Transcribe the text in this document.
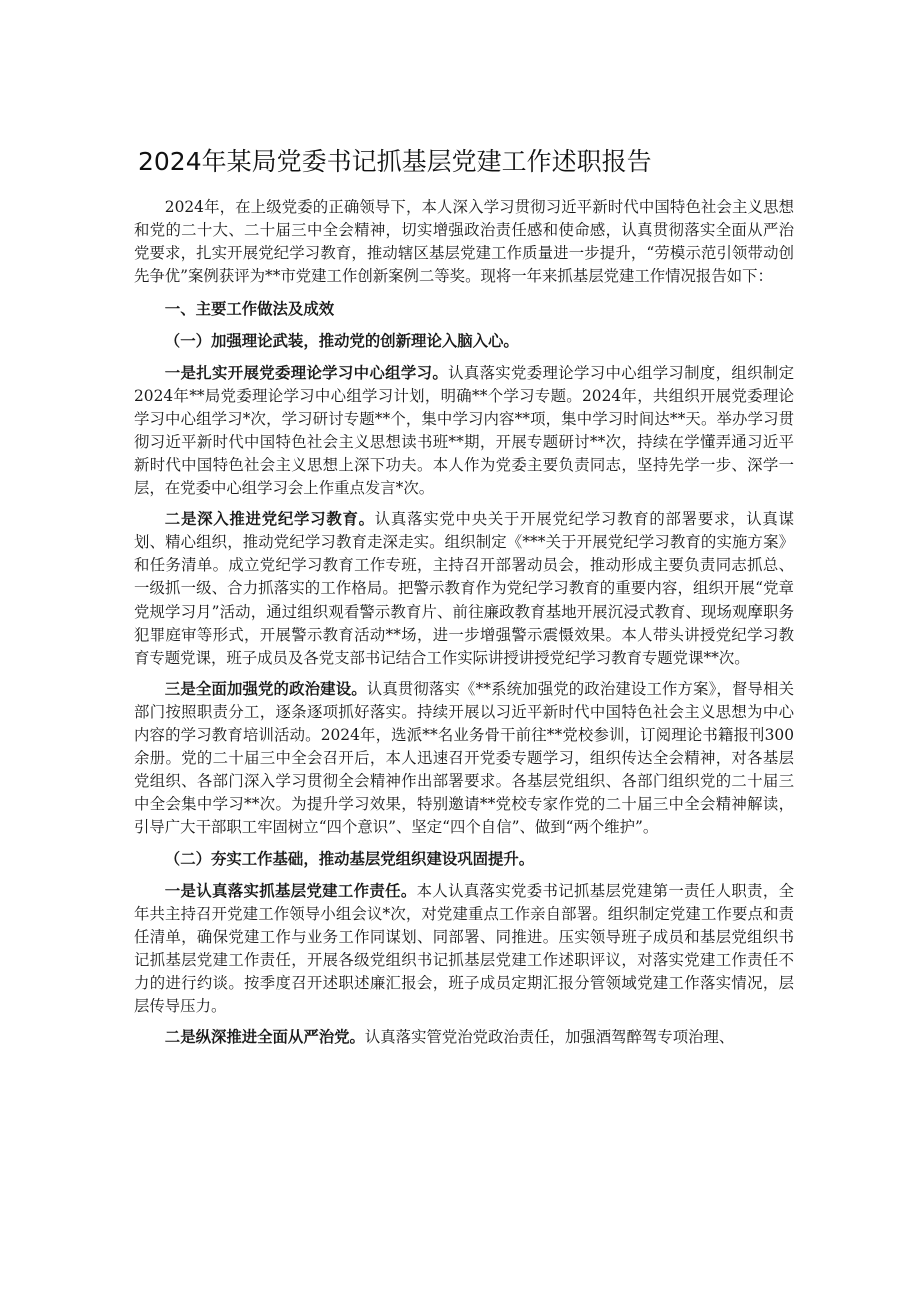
2024年某局党委书记抓基层党建工作述职报告

2024年，在上级党委的正确领导下，本人深入学习贯彻习近平新时代中国特色社会主义思想和党的二十大、二十届三中全会精神，切实增强政治责任感和使命感，认真贯彻落实全面从严治党要求，扎实开展党纪学习教育，推动辖区基层党建工作质量进一步提升，“劳模示范引领带动创先争优”案例获评为**市党建工作创新案例二等奖。现将一年来抓基层党建工作情况报告如下：

一、主要工作做法及成效

（一）加强理论武装，推动党的创新理论入脑入心。

一是扎实开展党委理论学习中心组学习。认真落实党委理论学习中心组学习制度，组织制定2024年**局党委理论学习中心组学习计划，明确**个学习专题。2024年，共组织开展党委理论学习中心组学习*次，学习研讨专题**个，集中学习内容**项，集中学习时间达**天。举办学习贯彻习近平新时代中国特色社会主义思想读书班**期，开展专题研讨**次，持续在学懂弄通习近平新时代中国特色社会主义思想上深下功夫。本人作为党委主要负责同志，坚持先学一步、深学一层，在党委中心组学习会上作重点发言*次。

二是深入推进党纪学习教育。认真落实党中央关于开展党纪学习教育的部署要求，认真谋划、精心组织，推动党纪学习教育走深走实。组织制定《***关于开展党纪学习教育的实施方案》和任务清单。成立党纪学习教育工作专班，主持召开部署动员会，推动形成主要负责同志抓总、一级抓一级、合力抓落实的工作格局。把警示教育作为党纪学习教育的重要内容，组织开展“党章党规学习月”活动，通过组织观看警示教育片、前往廉政教育基地开展沉浸式教育、现场观摩职务犯罪庭审等形式，开展警示教育活动**场，进一步增强警示震慑效果。本人带头讲授党纪学习教育专题党课，班子成员及各党支部书记结合工作实际讲授讲授党纪学习教育专题党课**次。

三是全面加强党的政治建设。认真贯彻落实《**系统加强党的政治建设工作方案》，督导相关部门按照职责分工，逐条逐项抓好落实。持续开展以习近平新时代中国特色社会主义思想为中心内容的学习教育培训活动。2024年，选派**名业务骨干前往**党校参训，订阅理论书籍报刊300余册。党的二十届三中全会召开后，本人迅速召开党委专题学习，组织传达全会精神，对各基层党组织、各部门深入学习贯彻全会精神作出部署要求。各基层党组织、各部门组织党的二十届三中全会集中学习**次。为提升学习效果，特别邀请**党校专家作党的二十届三中全会精神解读，引导广大干部职工牢固树立“四个意识”、坚定“四个自信”、做到“两个维护”。

（二）夯实工作基础，推动基层党组织建设巩固提升。

一是认真落实抓基层党建工作责任。本人认真落实党委书记抓基层党建第一责任人职责，全年共主持召开党建工作领导小组会议*次，对党建重点工作亲自部署。组织制定党建工作要点和责任清单，确保党建工作与业务工作同谋划、同部署、同推进。压实领导班子成员和基层党组织书记抓基层党建工作责任，开展各级党组织书记抓基层党建工作述职评议，对落实党建工作责任不力的进行约谈。按季度召开述职述廉汇报会，班子成员定期汇报分管领域党建工作落实情况，层层传导压力。

二是纵深推进全面从严治党。认真落实管党治党政治责任，加强酒驾醉驾专项治理、
